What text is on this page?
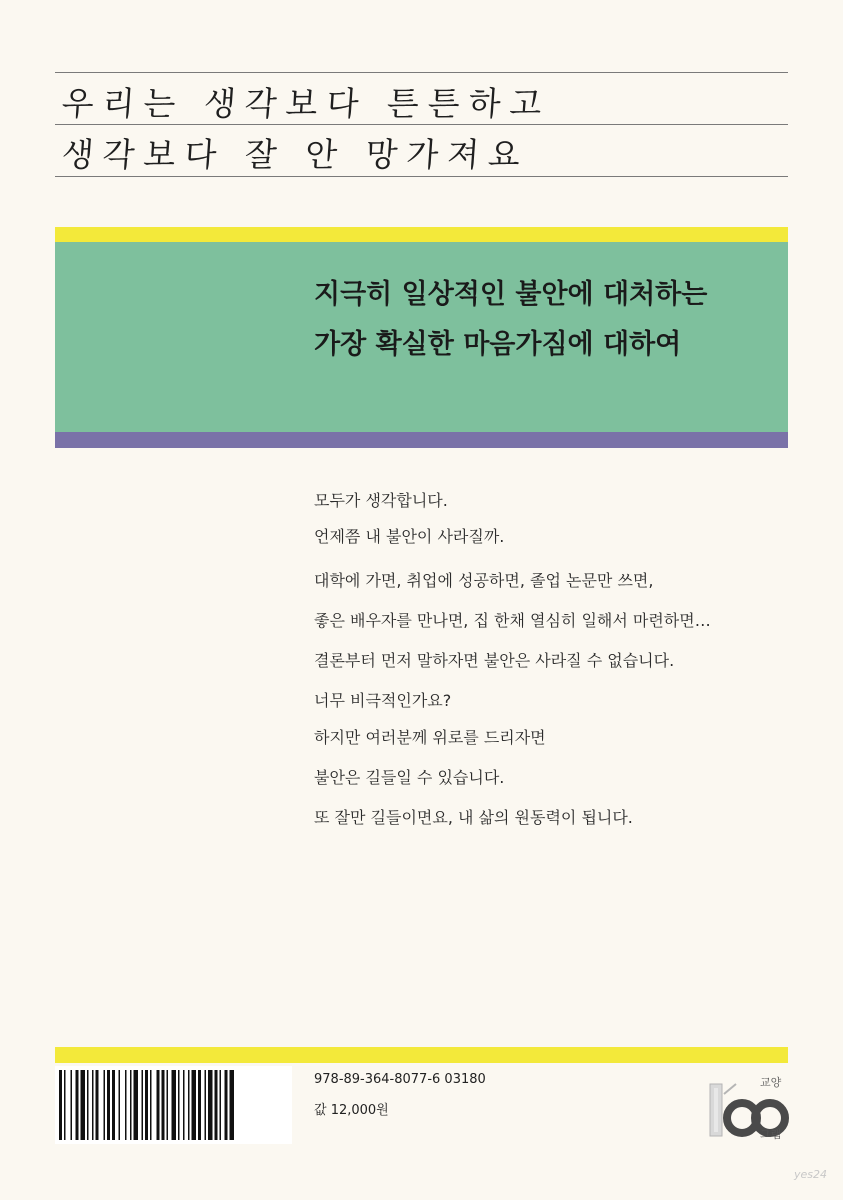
우리는 생각보다 튼튼하고
생각보다 잘 안 망가져요
지극히 일상적인 불안에 대처하는
가장 확실한 마음가짐에 대하여
모두가 생각합니다.
언제쯤 내 불안이 사라질까.
대학에 가면, 취업에 성공하면, 졸업 논문만 쓰면,
좋은 배우자를 만나면, 집 한채 열심히 일해서 마련하면…
결론부터 먼저 말하자면 불안은 사라질 수 없습니다.
너무 비극적인가요?
하지만 여러분께 위로를 드리자면
불안은 길들일 수 있습니다.
또 잘만 길들이면요, 내 삶의 원동력이 됩니다.
978-89-364-8077-6 03180
값 12,000원
교양
그램
yes24
